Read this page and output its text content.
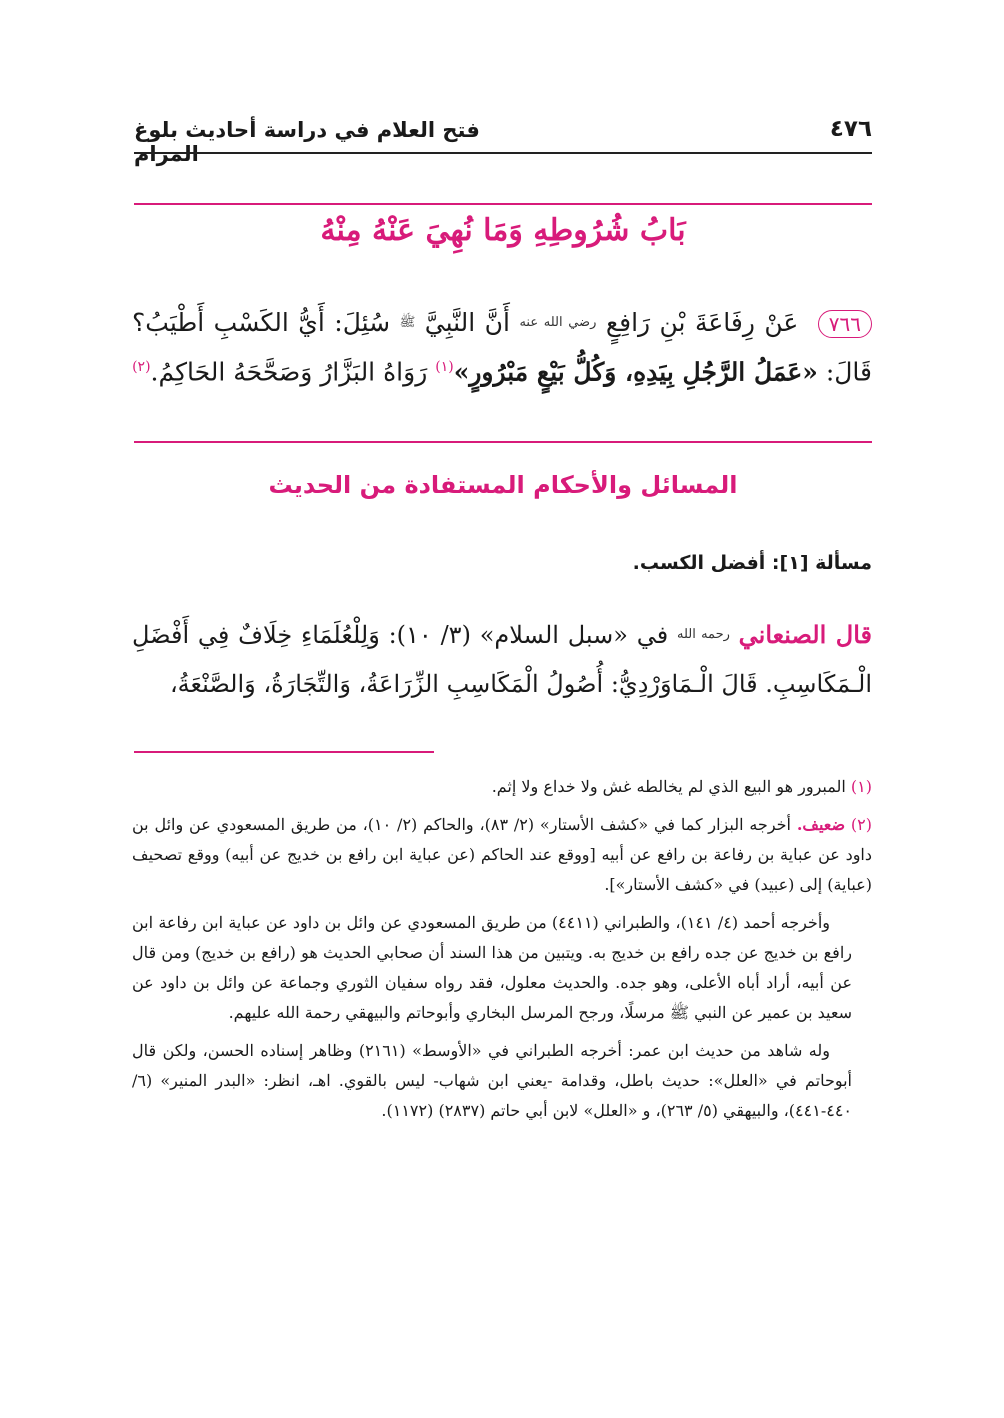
٤٧٦
فتح العلام في دراسة أحاديث بلوغ المرام
بَابُ شُرُوطِهِ وَمَا نُهِيَ عَنْهُ مِنْهُ
٧٦٦ عَنْ رِفَاعَةَ بْنِ رَافِعٍ $^{رضي الله عنه}$ أَنَّ النَّبِيَّ $^ﷺ$ سُئِلَ: أَيُّ الكَسْبِ أَطْيَبُ؟ قَالَ: «عَمَلُ الرَّجُلِ بِيَدِهِ، وَكُلُّ بَيْعٍ مَبْرُورٍ»$^{(١)}$ رَوَاهُ البَزَّارُ وَصَحَّحَهُ الحَاكِمُ.$^{(٢)}$
المسائل والأحكام المستفادة من الحديث
مسألة [١]: أفضل الكسب.
قال الصنعاني $^{رحمه الله}$ في «سبل السلام» (٣/ ١٠): وَلِلْعُلَمَاءِ خِلَافٌ فِي أَفْضَلِ الْـمَكَاسِبِ. قَالَ الْـمَاوَرْدِيُّ: أُصُولُ الْمَكَاسِبِ الزِّرَاعَةُ، وَالتِّجَارَةُ، وَالصَّنْعَةُ،

(١) المبرور هو البيع الذي لم يخالطه غش ولا خداع ولا إثم.

(٢) ضعيف. أخرجه البزار كما في «كشف الأستار» (٢/ ٨٣)، والحاكم (٢/ ١٠)، من طريق المسعودي عن وائل بن داود عن عباية بن رفاعة بن رافع عن أبيه [ووقع عند الحاكم (عن عباية ابن رافع بن خديج عن أبيه) ووقع تصحيف (عباية) إلى (عبيد) في «كشف الأستار»].

وأخرجه أحمد (٤/ ١٤١)، والطبراني (٤٤١١) من طريق المسعودي عن وائل بن داود عن عباية ابن رفاعة ابن رافع بن خديج عن جده رافع بن خديج به. ويتبين من هذا السند أن صحابي الحديث هو (رافع بن خديج) ومن قال عن أبيه، أراد أباه الأعلى، وهو جده. والحديث معلول، فقد رواه سفيان الثوري وجماعة عن وائل بن داود عن سعيد بن عمير عن النبي ﷺ مرسلًا، ورجح المرسل البخاري وأبوحاتم والبيهقي رحمة الله عليهم.

وله شاهد من حديث ابن عمر: أخرجه الطبراني في «الأوسط» (٢١٦١) وظاهر إسناده الحسن، ولكن قال أبوحاتم في «العلل»: حديث باطل، وقدامة -يعني ابن شهاب- ليس بالقوي. اهـ، انظر: «البدر المنير» (٦/ ٤٤٠-٤٤١)، والبيهقي (٥/ ٢٦٣)، و «العلل» لابن أبي حاتم (٢٨٣٧) (١١٧٢).
